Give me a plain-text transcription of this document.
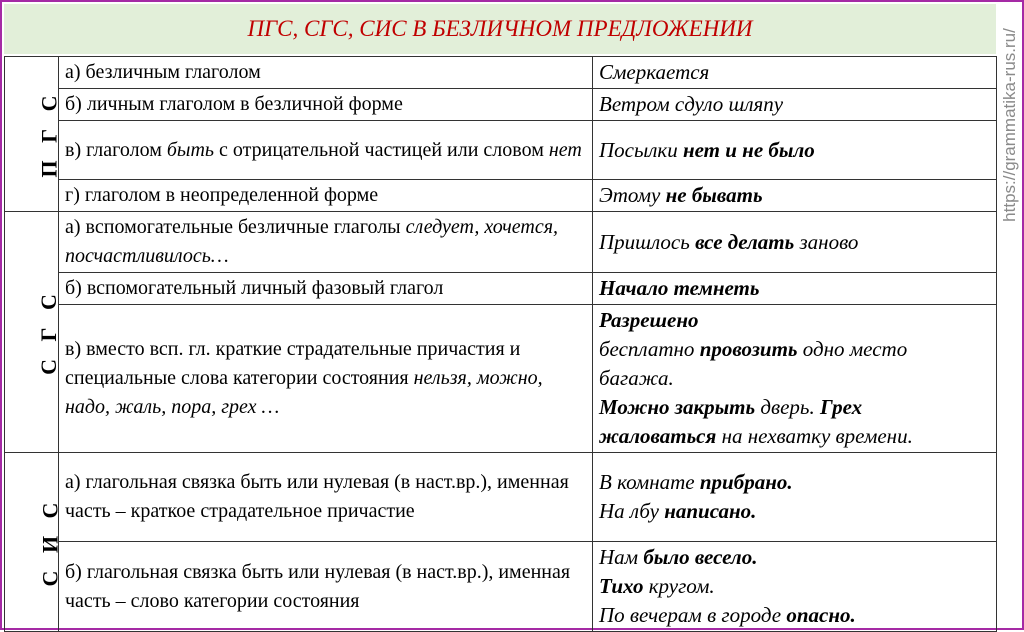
ПГС, СГС, СИС В БЕЗЛИЧНОМ ПРЕДЛОЖЕНИИ
П Г С	а) безличным глаголом	Смеркается
	б) личным глаголом в безличной форме	Ветром сдуло шляпу
	в) глаголом быть с отрицательной частицей или словом нет	Посылки нет и не было
	г) глаголом в неопределенной форме	Этому не бывать
С Г С	а) вспомогательные безличные глаголы следует, хочется, посчастливилось…	Пришлось все делать заново
	б) вспомогательный личный фазовый глагол	Начало темнеть
	в) вместо всп. гл. краткие страдательные причастия и специальные слова категории состояния нельзя, можно, надо, жаль, пора, грех …	Разрешено
бесплатно провозить одно место
багажа.
Можно закрыть дверь. Грех
жаловаться на нехватку времени.
С И С	а) глагольная связка быть или нулевая (в наст.вр.), именная часть – краткое страдательное причастие	В комнате прибрано.
На лбу написано.
	б) глагольная связка быть или нулевая (в наст.вр.), именная часть – слово категории состояния	Нам было весело.
Тихо кругом.
По вечерам в городе опасно.
https://grammatika-rus.ru/
